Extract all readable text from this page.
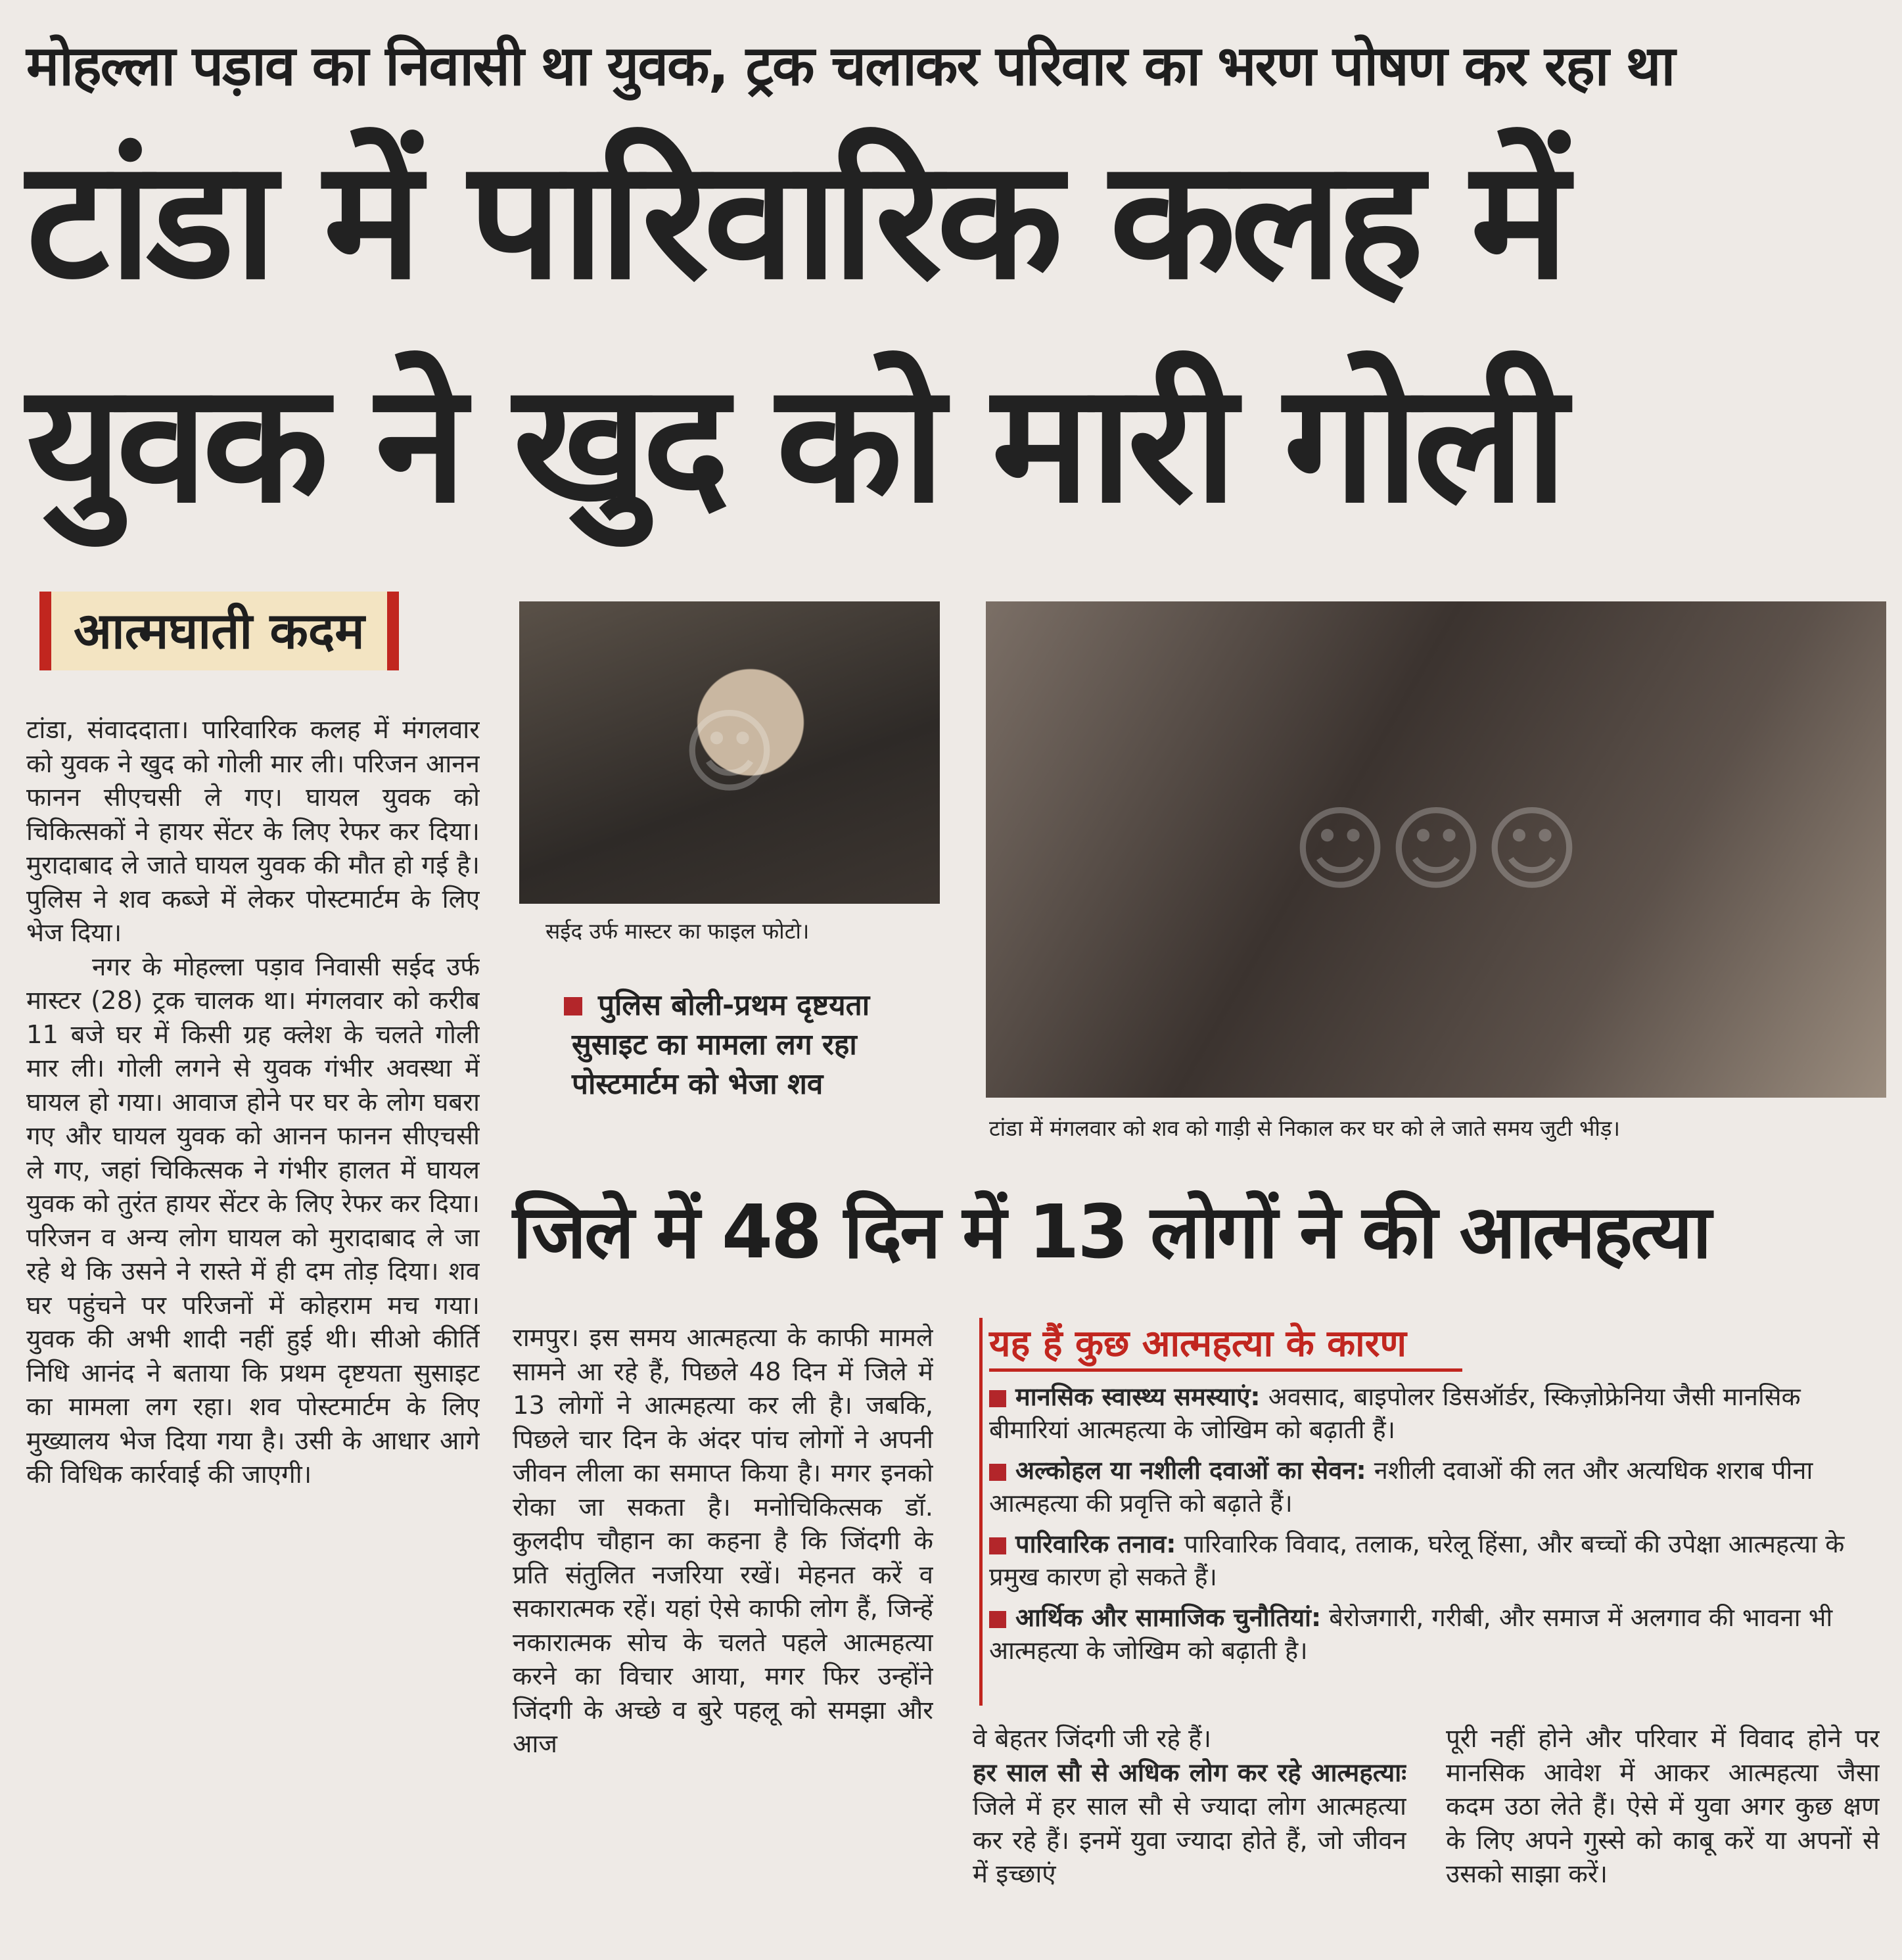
मोहल्ला पड़ाव का निवासी था युवक, ट्रक चलाकर परिवार का भरण पोषण कर रहा था
टांडा में पारिवारिक कलह में
युवक ने खुद को मारी गोली
आत्मघाती कदम

टांडा, संवाददाता। पारिवारिक कलह में मंगलवार को युवक ने खुद को गोली मार ली। परिजन आनन फानन सीएचसी ले गए। घायल युवक को चिकित्सकों ने हायर सेंटर के लिए रेफर कर दिया। मुरादाबाद ले जाते घायल युवक की मौत हो गई है। पुलिस ने शव कब्जे में लेकर पोस्टमार्टम के लिए भेज दिया।

नगर के मोहल्ला पड़ाव निवासी सईद उर्फ मास्टर (28) ट्रक चालक था। मंगलवार को करीब 11 बजे घर में किसी ग्रह क्लेश के चलते गोली मार ली। गोली लगने से युवक गंभीर अवस्था में घायल हो गया। आवाज होने पर घर के लोग घबरा गए और घायल युवक को आनन फानन सीएचसी ले गए, जहां चिकित्सक ने गंभीर हालत में घायल युवक को तुरंत हायर सेंटर के लिए रेफर कर दिया। परिजन व अन्य लोग घायल को मुरादाबाद ले जा रहे थे कि उसने ने रास्ते में ही दम तोड़ दिया। शव घर पहुंचने पर परिजनों में कोहराम मच गया। युवक की अभी शादी नहीं हुई थी। सीओ कीर्ति निधि आनंद ने बताया कि प्रथम दृष्टयता सुसाइट का मामला लग रहा। शव पोस्टमार्टम के लिए मुख्यालय भेज दिया गया है। उसी के आधार आगे की विधिक कार्रवाई की जाएगी।

☺
सईद उर्फ मास्टर का फाइल फोटो।
पुलिस बोली-प्रथम दृष्टयता सुसाइट का मामला लग रहा पोस्टमार्टम को भेजा शव
☺☺☺
टांडा में मंगलवार को शव को गाड़ी से निकाल कर घर को ले जाते समय जुटी भीड़।
जिले में 48 दिन में 13 लोगों ने की आत्महत्या

रामपुर। इस समय आत्महत्या के काफी मामले सामने आ रहे हैं, पिछले 48 दिन में जिले में 13 लोगों ने आत्महत्या कर ली है। जबकि, पिछले चार दिन के अंदर पांच लोगों ने अपनी जीवन लीला का समाप्त किया है। मगर इनको रोका जा सकता है। मनोचिकित्सक डॉ. कुलदीप चौहान का कहना है कि जिंदगी के प्रति संतुलित नजरिया रखें। मेहनत करें व सकारात्मक रहें। यहां ऐसे काफी लोग हैं, जिन्हें नकारात्मक सोच के चलते पहले आत्महत्या करने का विचार आया, मगर फिर उन्होंने जिंदगी के अच्छे व बुरे पहलू को समझा और आज

यह हैं कुछ आत्महत्या के कारण
मानसिक स्वास्थ्य समस्याएं: अवसाद, बाइपोलर डिसऑर्डर, स्किज़ोफ्रेनिया जैसी मानसिक बीमारियां आत्महत्या के जोखिम को बढ़ाती हैं।
अल्कोहल या नशीली दवाओं का सेवन: नशीली दवाओं की लत और अत्यधिक शराब पीना आत्महत्या की प्रवृत्ति को बढ़ाते हैं।
पारिवारिक तनाव: पारिवारिक विवाद, तलाक, घरेलू हिंसा, और बच्चों की उपेक्षा आत्महत्या के प्रमुख कारण हो सकते हैं।
आर्थिक और सामाजिक चुनौतियां: बेरोजगारी, गरीबी, और समाज में अलगाव की भावना भी आत्महत्या के जोखिम को बढ़ाती है।

वे बेहतर जिंदगी जी रहे हैं।

हर साल सौ से अधिक लोग कर रहे आत्महत्याः जिले में हर साल सौ से ज्यादा लोग आत्महत्या कर रहे हैं। इनमें युवा ज्यादा होते हैं, जो जीवन में इच्छाएं

पूरी नहीं होने और परिवार में विवाद होने पर मानसिक आवेश में आकर आत्महत्या जैसा कदम उठा लेते हैं। ऐसे में युवा अगर कुछ क्षण के लिए अपने गुस्से को काबू करें या अपनों से उसको साझा करें।
